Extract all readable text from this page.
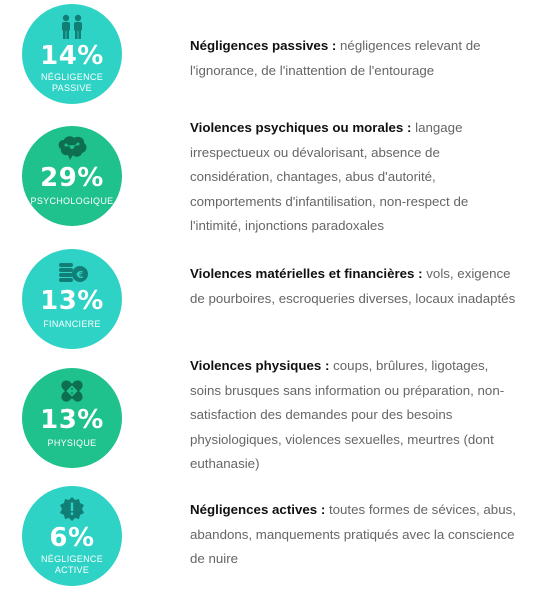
14%
NÉGLIGENCE
PASSIVE
Négligences passives : négligences relevant de l'ignorance, de l'inattention de l'entourage
29%
PSYCHOLOGIQUE
Violences psychiques ou morales : langage irrespectueux ou dévalorisant, absence de considération, chantages, abus d'autorité, comportements d'infantilisation, non-respect de l'intimité, injonctions paradoxales
€
13%
FINANCIERE
Violences matérielles et financières : vols, exigence de pourboires, escroqueries diverses, locaux inadaptés
13%
PHYSIQUE
Violences physiques : coups, brûlures, ligotages, soins brusques sans information ou préparation, non-satisfaction des demandes pour des besoins physiologiques, violences sexuelles, meurtres (dont euthanasie)
6%
NÉGLIGENCE
ACTIVE
Négligences actives : toutes formes de sévices, abus, abandons, manquements pratiqués avec la conscience de nuire
